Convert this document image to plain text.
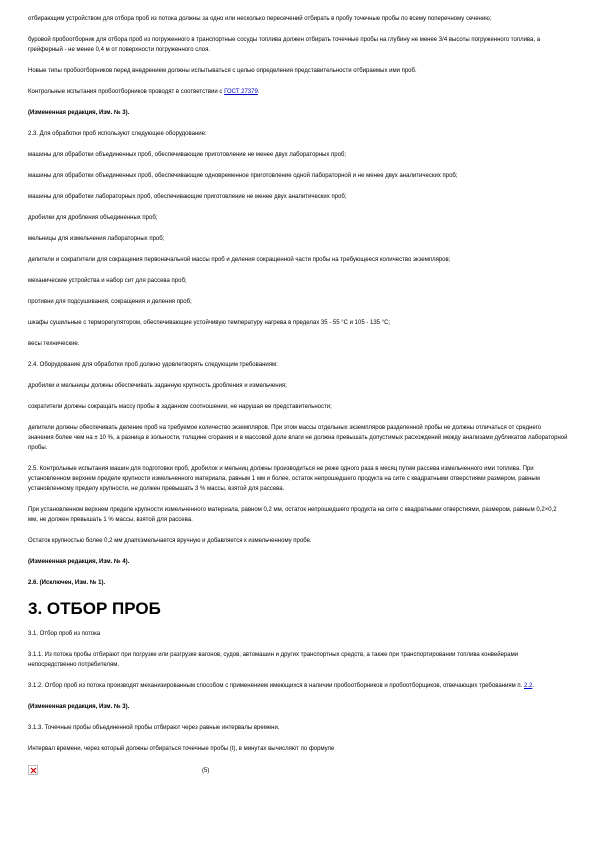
отбирающим устройством для отбора проб из потока должны за одно или несколько пересечений отбирать в пробу точечные пробы по всему поперечному сечению;

буровой пробоотборник для отбора проб из погруженного в транспортные сосуды топлива должен отбирать точечные пробы на глубину не менее 3/4 высоты погруженного топлива, а грейферный - не менее 0,4 м от поверхности погруженного слоя.

Новые типы пробоотборников перед внедрением должны испытываться с целью определения представительности отбираемых ими проб.

Контрольные испытания пробоотборников проводят в соответствии с ГОСТ 27379.

(Измененная редакция, Изм. № 3).

2.3. Для обработки проб используют следующее оборудование:

машины для обработки объединенных проб, обеспечивающие приготовление не менее двух лабораторных проб;

машины для обработки объединенных проб, обеспечивающие одновременное приготовление одной лабораторной и не менее двух аналитических проб;

машины для обработки лабораторных проб, обеспечивающие приготовление не менее двух аналитических проб;

дробилки для дробления объединенных проб;

мельницы для измельчения лабораторных проб;

делители и сократители для сокращения первоначальной массы проб и деления сокращенной части пробы на требующееся количество экземпляров;

механические устройства и набор сит для рассева проб;

противни для подсушивания, сокращения и деления проб;

шкафы сушильные с терморегулятором, обеспечивающие устойчивую температуру нагрева в пределах 35 - 55 °С и 105 - 135 °С;

весы технические.

2.4. Оборудование для обработки проб должно удовлетворять следующим требованиям:

дробилки и мельницы должны обеспечивать заданную крупность дробления и измельчения;

сократители должны сокращать массу пробы в заданном соотношении, не нарушая ее представительности;

делители должны обеспечивать деление проб на требуемое количество экземпляров. При этом массы отдельных экземпляров разделенной пробы не должны отличаться от среднего значения более чем на ± 10 %, а разница в зольности, толщине сгорания и в массовой доле влаги не должна превышать допустимых расхождений между анализами дубликатов лабораторной пробы.

2.5. Контрольные испытания машин для подготовки проб, дробилок и мельниц должны производиться не реже одного раза в месяц путем рассева измельченного ими топлива. При установленном верхнем пределе крупности измельченного материала, равным 1 мм и более, остаток непрошедшего продукта на сите с квадратными отверстиями размером, равным установленному пределу крупности, не должен превышать 3 % массы, взятой для рассева.

При установленном верхнем пределе крупности измельченного материала, равном 0,2 мм, остаток непрошедшего продукта на сите с квадратными отверстиями, размером, равным 0,2×0,2 мм, не должен превышать 1 % массы, взятой для рассева.

Остаток крупностью более 0,2 мм дnamiзмельчается вручную и добавляется к измельченному пробе.

(Измененная редакция, Изм. № 4).

2.6. (Исключен, Изм. № 1).

3. ОТБОР ПРОБ

3.1. Отбор проб из потока

3.1.1. Из потока пробы отбирают при погрузке или разгрузке вагонов, судов, автомашин и других транспортных средств, а также при транспортировании топлива конвейерами непосредственно потребителям.

3.1.2. Отбор проб из потока производят механизированным способом с применением имеющихся в наличии пробоотборников и пробоотборщиков, отвечающих требованиям п. 2.2.

(Измененная редакция, Изм. № 3).

3.1.3. Точечные пробы объединенной пробы отбирают через равные интервалы времени.

Интервал времени, через который должны отбираться точечные пробы (t), в минутах вычисляют по формуле

(5)
